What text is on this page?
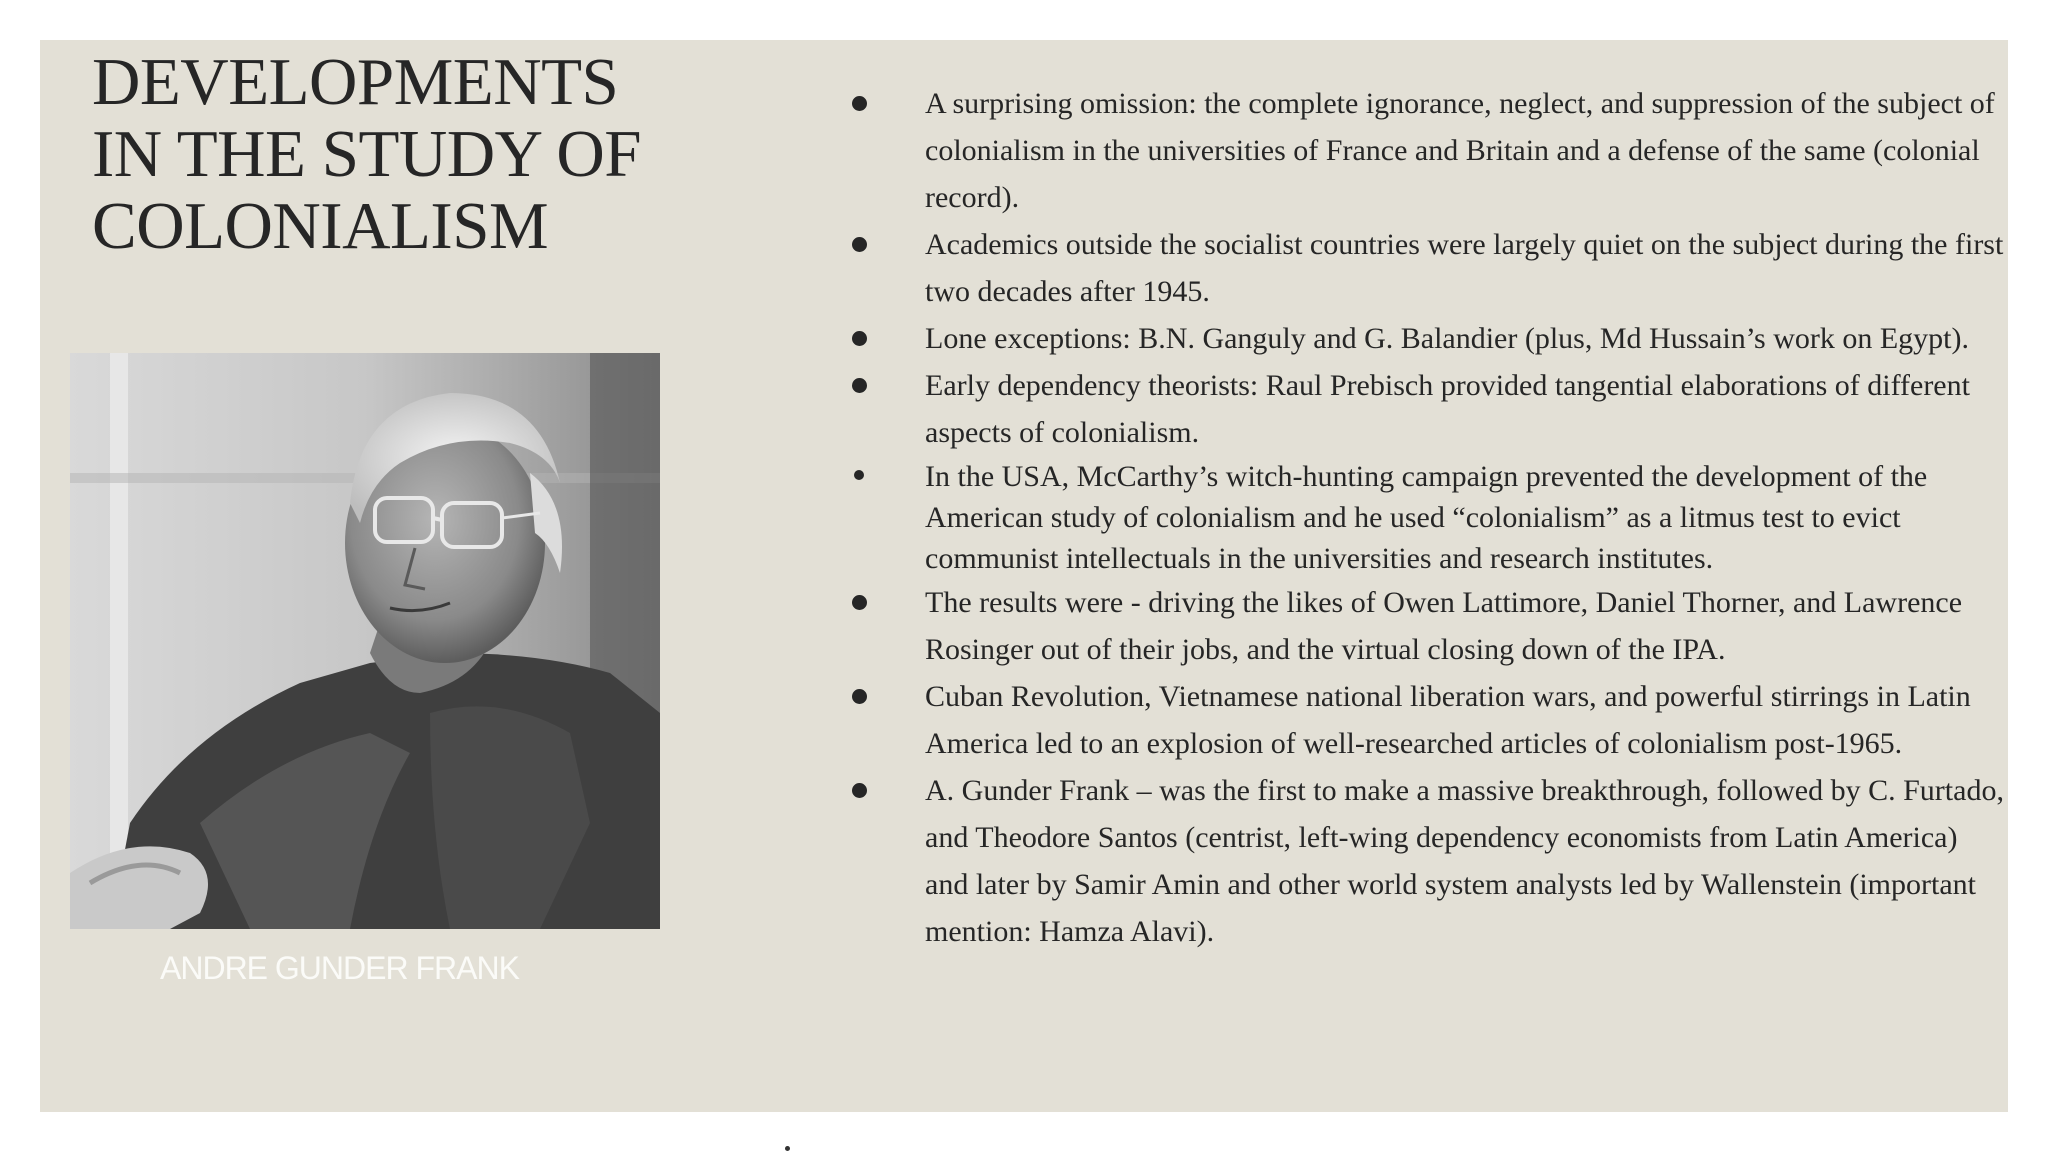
DEVELOPMENTS
IN THE STUDY OF
COLONIALISM

ANDRE GUNDER FRANK

A surprising omission: the complete ignorance, neglect, and suppression of the subject of colonialism in the universities of France and Britain and a defense of the same (colonial record).
Academics outside the socialist countries were largely quiet on the subject during the first two decades after 1945.
Lone exceptions: B.N. Ganguly and G. Balandier (plus, Md Hussain’s work on Egypt).
Early dependency theorists: Raul Prebisch provided tangential elaborations of different aspects of colonialism.
In the USA, McCarthy’s witch-hunting campaign prevented the development of the American study of colonialism and he used “colonialism” as a litmus test to evict communist intellectuals in the universities and research institutes.
The results were - driving the likes of Owen Lattimore, Daniel Thorner, and Lawrence Rosinger out of their jobs, and the virtual closing down of the IPA.
Cuban Revolution, Vietnamese national liberation wars, and powerful stirrings in Latin America led to an explosion of well-researched articles of colonialism post-1965.
A. Gunder Frank – was the first to make a massive breakthrough, followed by C. Furtado, and Theodore Santos (centrist, left-wing dependency economists from Latin America) and later by Samir Amin and other world system analysts led by Wallenstein (important mention: Hamza Alavi).
